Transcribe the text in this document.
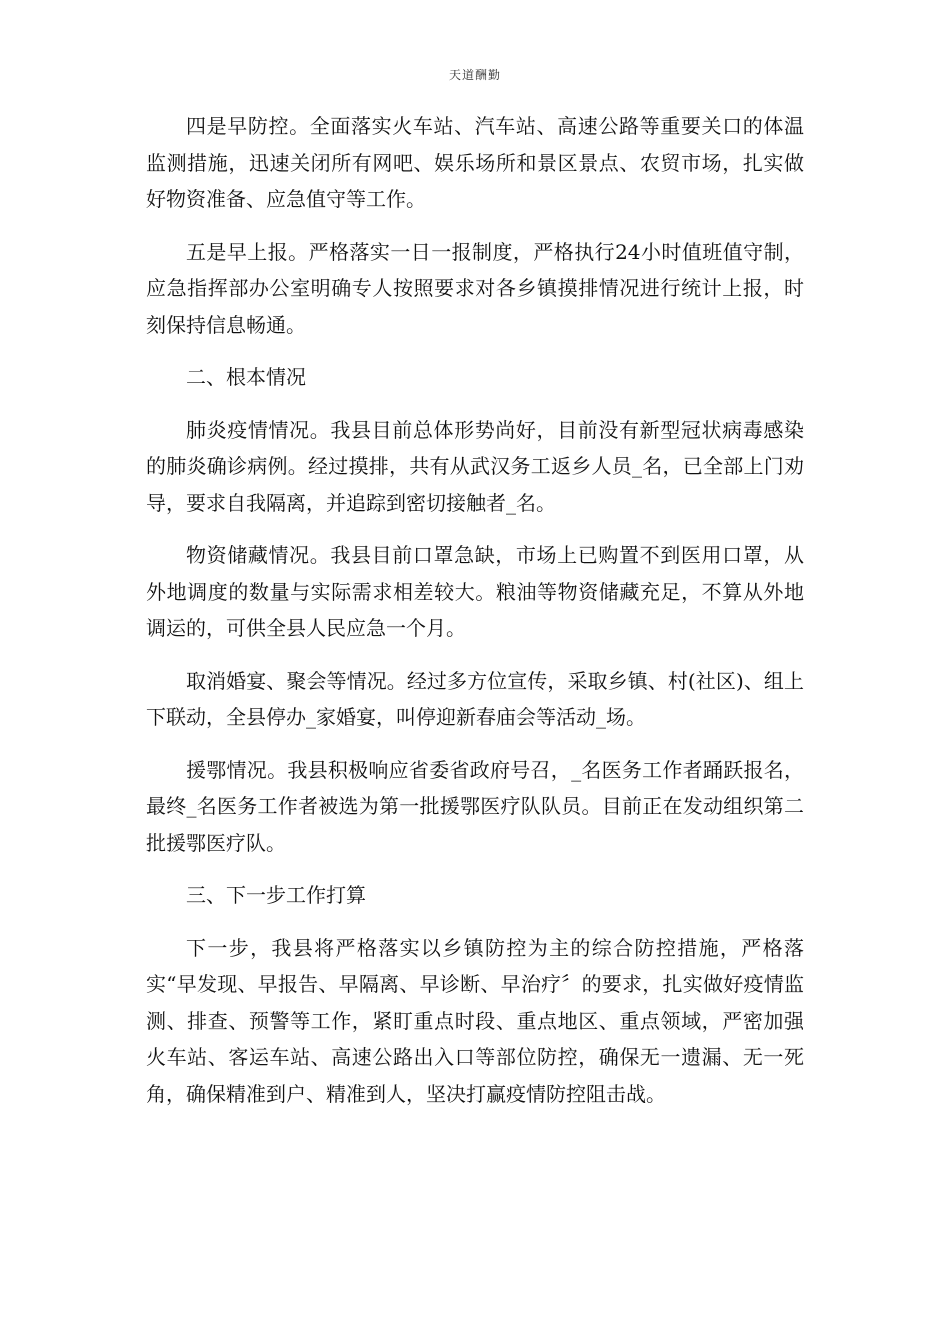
天道酬勤

四是早防控。全面落实火车站、汽车站、高速公路等重要关口的体温监测措施，迅速关闭所有网吧、娱乐场所和景区景点、农贸市场，扎实做好物资准备、应急值守等工作。

五是早上报。严格落实一日一报制度，严格执行24小时值班值守制，应急指挥部办公室明确专人按照要求对各乡镇摸排情况进行统计上报，时刻保持信息畅通。

二、根本情况

肺炎疫情情况。我县目前总体形势尚好，目前没有新型冠状病毒感染的肺炎确诊病例。经过摸排，共有从武汉务工返乡人员_名，已全部上门劝导，要求自我隔离，并追踪到密切接触者_名。

物资储藏情况。我县目前口罩急缺，市场上已购置不到医用口罩，从外地调度的数量与实际需求相差较大。粮油等物资储藏充足，不算从外地调运的，可供全县人民应急一个月。

取消婚宴、聚会等情况。经过多方位宣传，采取乡镇、村(社区)、组上下联动，全县停办_家婚宴，叫停迎新春庙会等活动_场。

援鄂情况。我县积极响应省委省政府号召，_名医务工作者踊跃报名，最终_名医务工作者被选为第一批援鄂医疗队队员。目前正在发动组织第二批援鄂医疗队。

三、下一步工作打算

下一步，我县将严格落实以乡镇防控为主的综合防控措施，严格落实“早发现、早报告、早隔离、早诊断、早治疗〞的要求，扎实做好疫情监测、排查、预警等工作，紧盯重点时段、重点地区、重点领域，严密加强火车站、客运车站、高速公路出入口等部位防控，确保无一遗漏、无一死角，确保精准到户、精准到人，坚决打赢疫情防控阻击战。
